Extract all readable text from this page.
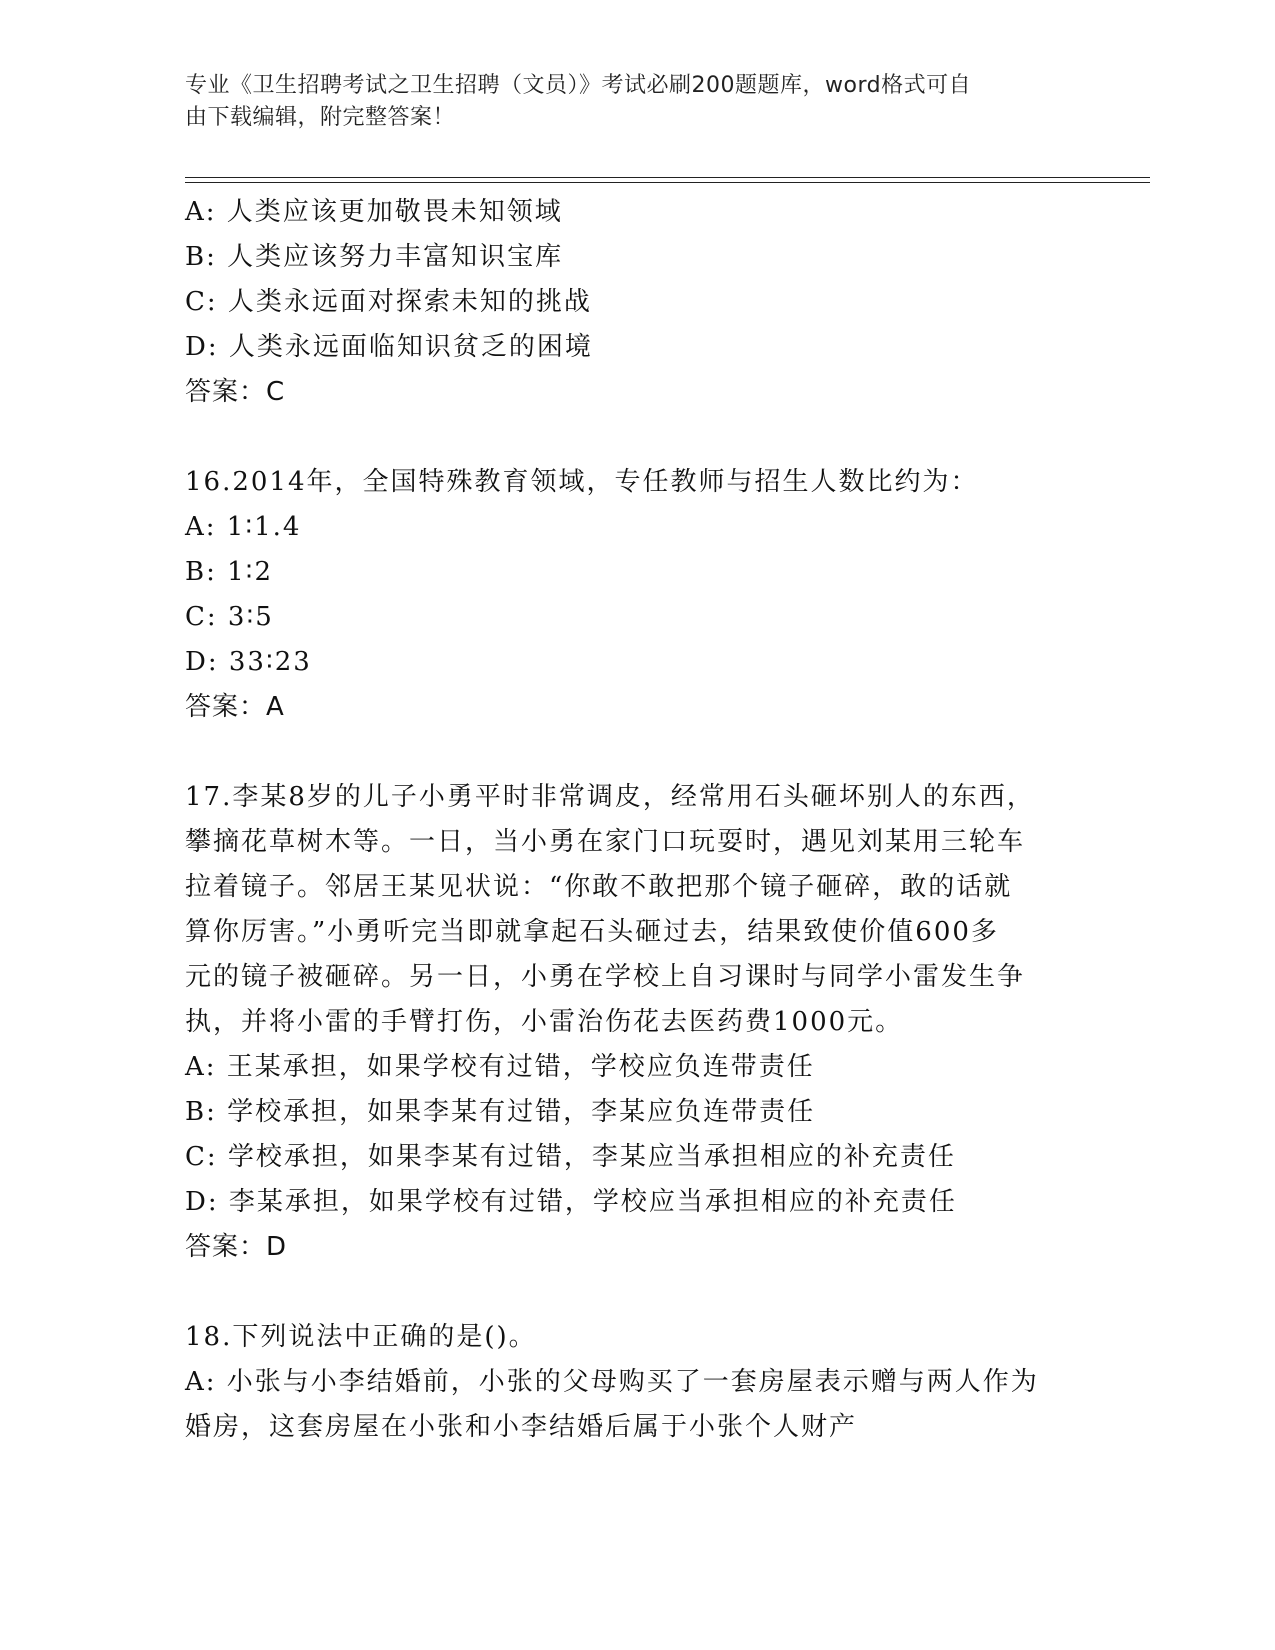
专业《卫生招聘考试之卫生招聘（文员）》考试必刷200题题库，word格式可自
由下载编辑，附完整答案！
A: 人类应该更加敬畏未知领域
B: 人类应该努力丰富知识宝库
C: 人类永远面对探索未知的挑战
D: 人类永远面临知识贫乏的困境
答案：C
16.2014年，全国特殊教育领域，专任教师与招生人数比约为：
A: 1∶1.4
B: 1∶2
C: 3∶5
D: 33∶23
答案：A
17.李某8岁的儿子小勇平时非常调皮，经常用石头砸坏别人的东西，
攀摘花草树木等。一日，当小勇在家门口玩耍时，遇见刘某用三轮车
拉着镜子。邻居王某见状说：“你敢不敢把那个镜子砸碎，敢的话就
算你厉害。”小勇听完当即就拿起石头砸过去，结果致使价值600多
元的镜子被砸碎。另一日，小勇在学校上自习课时与同学小雷发生争
执，并将小雷的手臂打伤，小雷治伤花去医药费1000元。
A: 王某承担，如果学校有过错，学校应负连带责任
B: 学校承担，如果李某有过错，李某应负连带责任
C: 学校承担，如果李某有过错，李某应当承担相应的补充责任
D: 李某承担，如果学校有过错，学校应当承担相应的补充责任
答案：D
18.下列说法中正确的是()。
A: 小张与小李结婚前，小张的父母购买了一套房屋表示赠与两人作为
婚房，这套房屋在小张和小李结婚后属于小张个人财产
